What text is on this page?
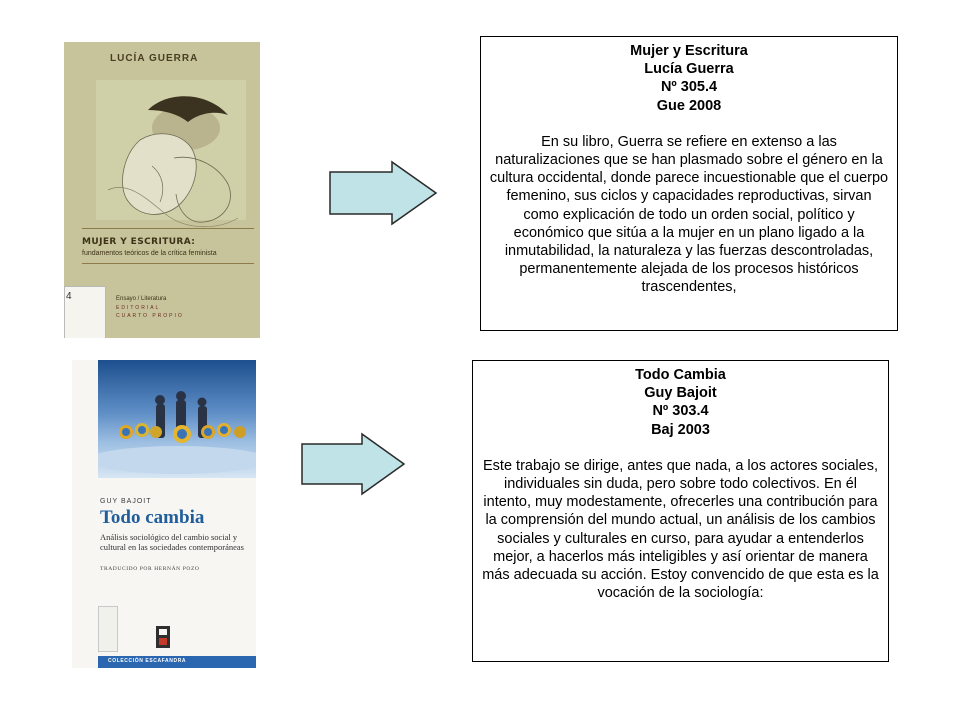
LUCÍA GUERRA
MUJER Y ESCRITURA:
fundamentos teóricos de la crítica feminista
Ensayo / Literatura
EDITORIAL
CUARTO PROPIO
4
Mujer y Escritura
Lucía Guerra
Nº 305.4
Gue 2008
En su libro, Guerra se refiere en extenso a las naturalizaciones que se han plasmado sobre el género en la cultura occidental, donde parece incuestionable que el cuerpo femenino, sus ciclos y capacidades reproductivas, sirvan como explicación de todo un orden social, político y económico que sitúa a la mujer en un plano ligado a la inmutabilidad, la naturaleza y las fuerzas descontroladas, permanentemente alejada de los procesos históricos trascendentes,
GUY BAJOIT
Todo cambia
Análisis sociológico del cambio social y cultural en las sociedades contemporáneas
TRADUCIDO POR HERNÁN POZO
COLECCIÓN ESCAFANDRA
Todo Cambia
Guy Bajoit
Nº 303.4
Baj 2003
Este trabajo se dirige, antes que nada, a los actores sociales, individuales sin duda, pero sobre todo colectivos. En él intento, muy modestamente, ofrecerles una contribución para la comprensión del mundo actual, un análisis de los cambios sociales y culturales en curso, para ayudar a entenderlos mejor, a hacerlos más inteligibles y así orientar de manera más adecuada su acción. Estoy convencido de que esta es la vocación de la sociología:
